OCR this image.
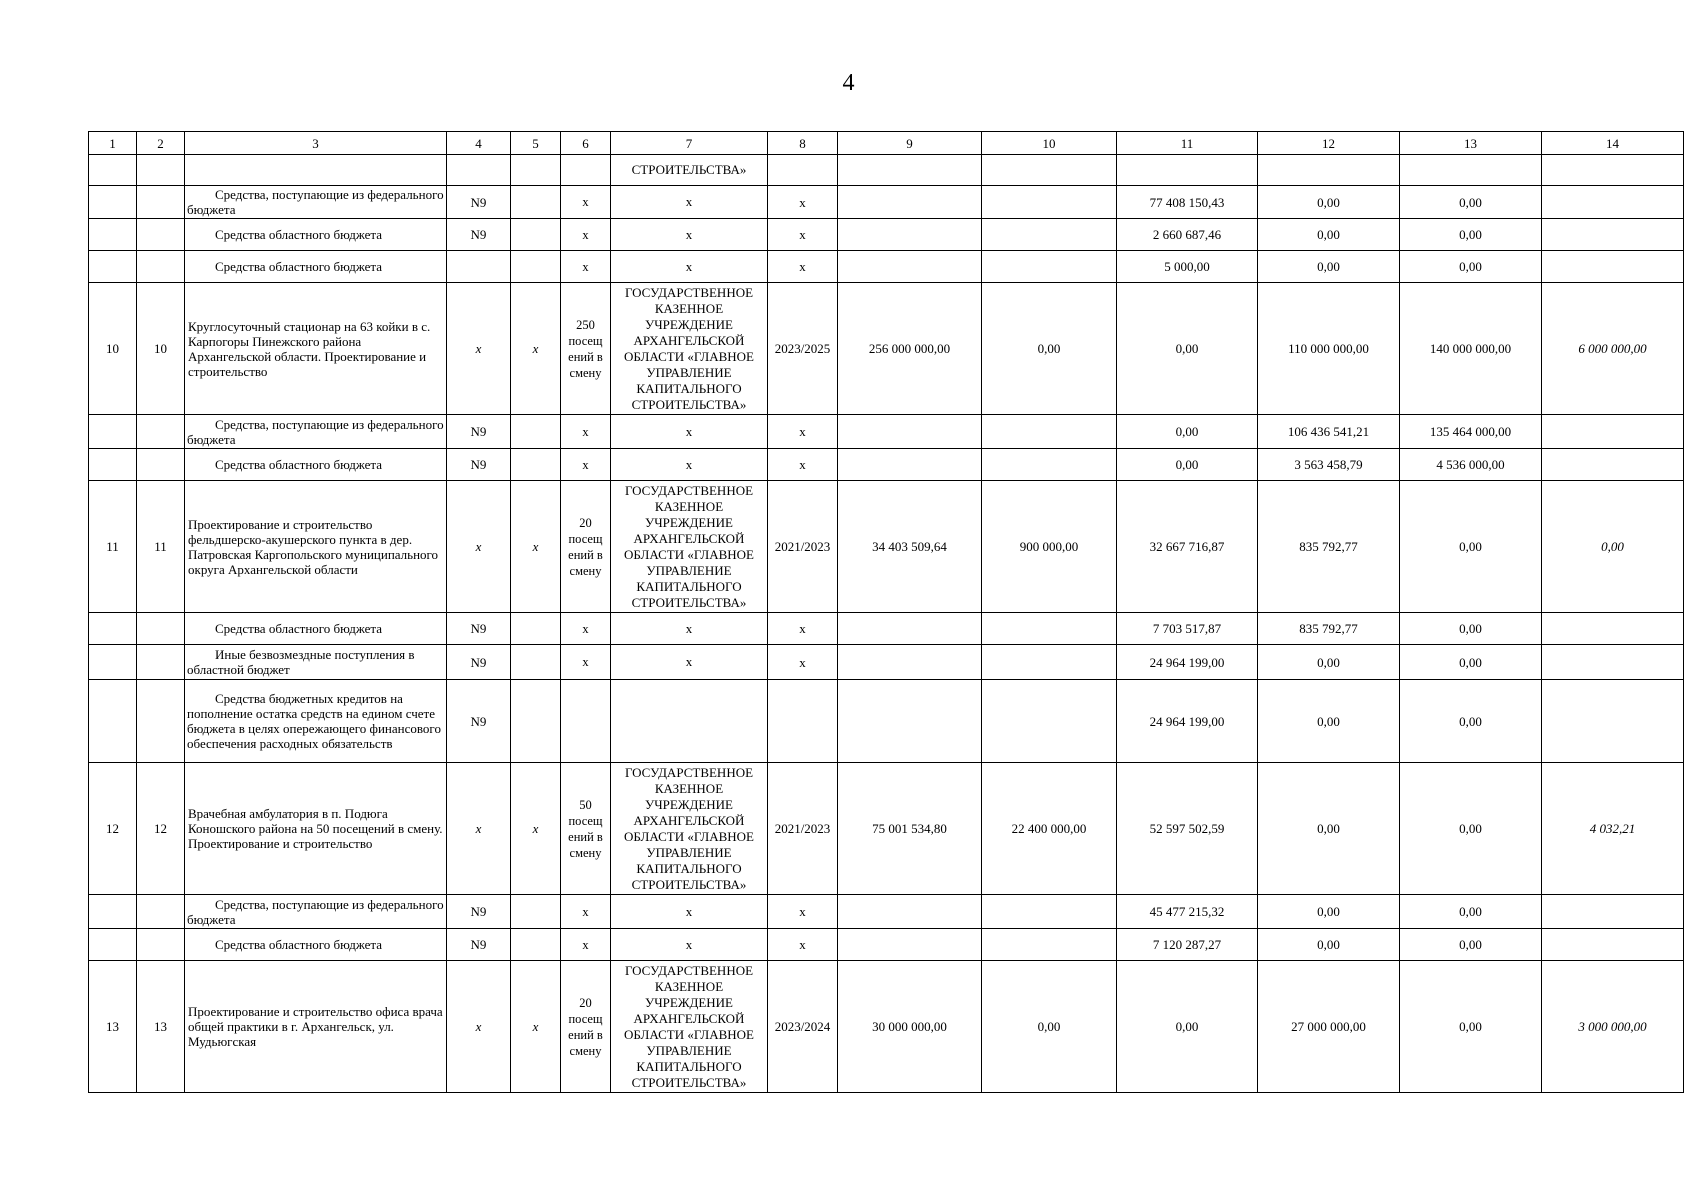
4
1	2	3	4	5	6	7	8	9	10	11	12	13	14
						СТРОИТЕЛЬСТВА»							
		Средства, поступающие из федерального бюджета	N9		x	x	x			77 408 150,43	0,00	0,00	
		Средства областного бюджета	N9		x	x	x			2 660 687,46	0,00	0,00	
		Средства областного бюджета			x	x	x			5 000,00	0,00	0,00	
10	10	Круглосуточный стационар на 63 койки в с. Карпогоры Пинежского района Архангельской области. Проектирование и строительство	x	x	250 посещ ений в смену	ГОСУДАРСТВЕННОЕ КАЗЕННОЕ УЧРЕЖДЕНИЕ АРХАНГЕЛЬСКОЙ ОБЛАСТИ «ГЛАВНОЕ УПРАВЛЕНИЕ КАПИТАЛЬНОГО СТРОИТЕЛЬСТВА»	2023/2025	256 000 000,00	0,00	0,00	110 000 000,00	140 000 000,00	6 000 000,00
		Средства, поступающие из федерального бюджета	N9		x	x	x			0,00	106 436 541,21	135 464 000,00	
		Средства областного бюджета	N9		x	x	x			0,00	3 563 458,79	4 536 000,00	
11	11	Проектирование и строительство фельдшерско-акушерского пункта в дер. Патровская Каргопольского муниципального округа Архангельской области	x	x	20 посещ ений в смену	ГОСУДАРСТВЕННОЕ КАЗЕННОЕ УЧРЕЖДЕНИЕ АРХАНГЕЛЬСКОЙ ОБЛАСТИ «ГЛАВНОЕ УПРАВЛЕНИЕ КАПИТАЛЬНОГО СТРОИТЕЛЬСТВА»	2021/2023	34 403 509,64	900 000,00	32 667 716,87	835 792,77	0,00	0,00
		Средства областного бюджета	N9		x	x	x			7 703 517,87	835 792,77	0,00	
		Иные безвозмездные поступления в областной бюджет	N9		x	x	x			24 964 199,00	0,00	0,00	
		Средства бюджетных кредитов на пополнение остатка средств на едином счете бюджета в целях опережающего финансового обеспечения расходных обязательств	N9							24 964 199,00	0,00	0,00	
12	12	Врачебная амбулатория в п. Подюга Коношского района на 50 посещений в смену. Проектирование и строительство	x	x	50 посещ ений в смену	ГОСУДАРСТВЕННОЕ КАЗЕННОЕ УЧРЕЖДЕНИЕ АРХАНГЕЛЬСКОЙ ОБЛАСТИ «ГЛАВНОЕ УПРАВЛЕНИЕ КАПИТАЛЬНОГО СТРОИТЕЛЬСТВА»	2021/2023	75 001 534,80	22 400 000,00	52 597 502,59	0,00	0,00	4 032,21
		Средства, поступающие из федерального бюджета	N9		x	x	x			45 477 215,32	0,00	0,00	
		Средства областного бюджета	N9		x	x	x			7 120 287,27	0,00	0,00	
13	13	Проектирование и строительство офиса врача общей практики в г. Архангельск, ул. Мудьюгская	x	x	20 посещ ений в смену	ГОСУДАРСТВЕННОЕ КАЗЕННОЕ УЧРЕЖДЕНИЕ АРХАНГЕЛЬСКОЙ ОБЛАСТИ «ГЛАВНОЕ УПРАВЛЕНИЕ КАПИТАЛЬНОГО СТРОИТЕЛЬСТВА»	2023/2024	30 000 000,00	0,00	0,00	27 000 000,00	0,00	3 000 000,00
